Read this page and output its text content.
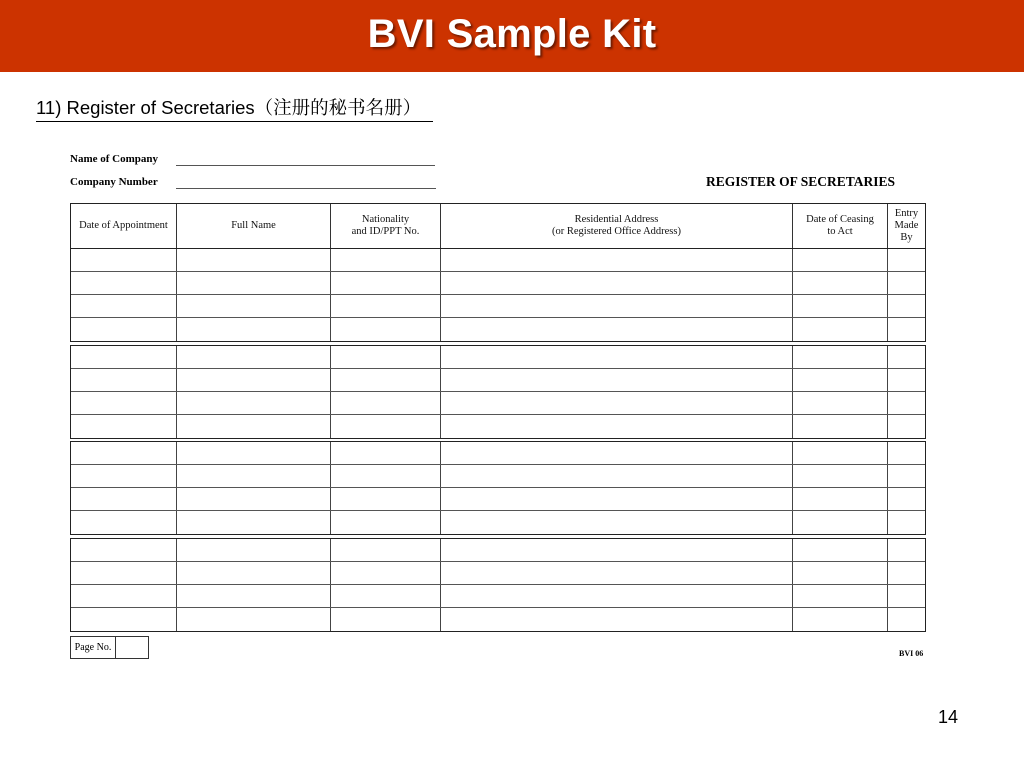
BVI Sample Kit
11) Register of Secretaries（注册的秘书名册）
Name of Company
Company Number	REGISTER OF SECRETARIES
Date of Appointment	Full Name
Nationality
and ID/PPT No.
Residential Address
(or Registered Office Address)
Date of Ceasing
to Act
Entry
Made
By
Page No.
BVI 06
14
